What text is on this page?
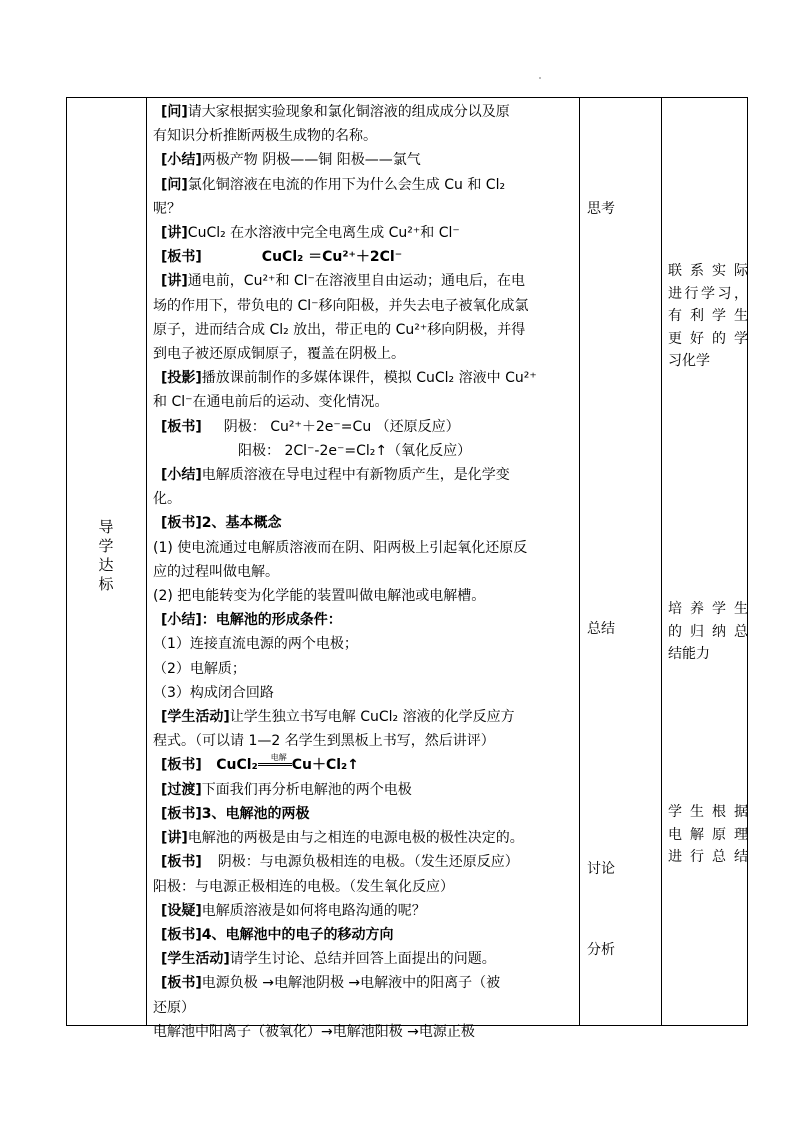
导学达标

[问]请大家根据实验现象和氯化铜溶液的组成成分以及原

有知识分析推断两极生成物的名称。

[小结]两极产物 阴极——铜 阳极——氯气

[问]氯化铜溶液在电流的作用下为什么会生成 Cu 和 Cl₂

呢？

[讲]CuCl₂ 在水溶液中完全电离生成 Cu²⁺和 Cl⁻

[板书]	CuCl₂ ＝Cu²⁺＋2Cl⁻

[讲]通电前，Cu²⁺和 Cl⁻在溶液里自由运动；通电后，在电

场的作用下，带负电的 Cl⁻移向阳极，并失去电子被氧化成氯

原子，进而结合成 Cl₂ 放出，带正电的 Cu²⁺移向阴极，并得

到电子被还原成铜原子，覆盖在阴极上。

[投影]播放课前制作的多媒体课件，模拟 CuCl₂ 溶液中 Cu²⁺

和 Cl⁻在通电前后的运动、变化情况。

[板书] 阴极： Cu²⁺＋2e⁻=Cu （还原反应）

阳极： 2Cl⁻-2e⁻=Cl₂↑（氧化反应）

[小结]电解质溶液在导电过程中有新物质产生，是化学变

化。

[板书]2、基本概念

(1) 使电流通过电解质溶液而在阴、阳两极上引起氧化还原反

应的过程叫做电解。

(2) 把电能转变为化学能的装置叫做电解池或电解槽。

[小结]：电解池的形成条件：

（1）连接直流电源的两个电极；

（2）电解质；

（3）构成闭合回路

[学生活动]让学生独立书写电解 CuCl₂ 溶液的化学反应方

程式。（可以请 1—2 名学生到黑板上书写，然后讲评）

[板书] CuCl₂ 电解 Cu＋Cl₂↑

[过渡]下面我们再分析电解池的两个电极

[板书]3、电解池的两极

[讲]电解池的两极是由与之相连的电源电极的极性决定的。

[板书] 阴极：与电源负极相连的电极。（发生还原反应）

阳极：与电源正极相连的电极。（发生氧化反应）

[设疑]电解质溶液是如何将电路沟通的呢？

[板书]4、电解池中的电子的移动方向

[学生活动]请学生讨论、总结并回答上面提出的问题。

[板书]电源负极 →电解池阴极 →电解液中的阳离子（被

还原）

电解池中阳离子（被氧化）→电解池阳极 →电源正极

思考
总结
讨论
分析
联系实际
进行学习，
有利学生
更好的学
习化学
培养学生
的归纳总
结能力
学生根据
电解原理
进行总结
